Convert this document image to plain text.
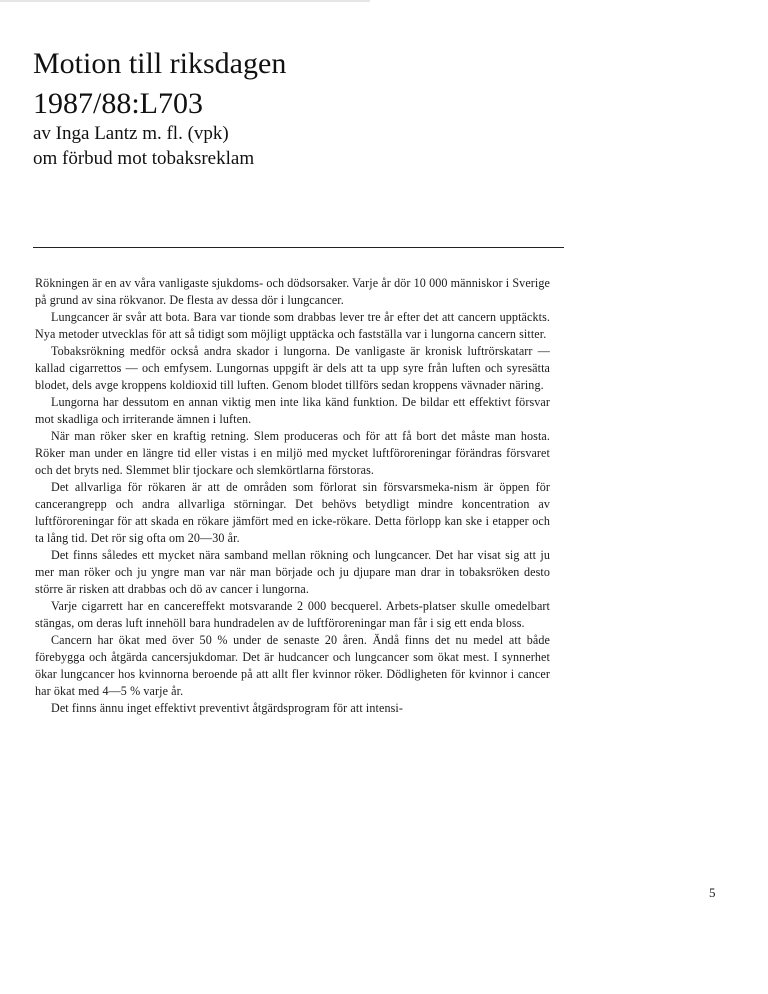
Motion till riksdagen
1987/88:L703
av Inga Lantz m. fl. (vpk)
om förbud mot tobaksreklam

Rökningen är en av våra vanligaste sjukdoms- och dödsorsaker. Varje år dör 10 000 människor i Sverige på grund av sina rökvanor. De flesta av dessa dör i lungcancer.

Lungcancer är svår att bota. Bara var tionde som drabbas lever tre år efter det att cancern upptäckts. Nya metoder utvecklas för att så tidigt som möjligt upptäcka och fastställa var i lungorna cancern sitter.

Tobaksrökning medför också andra skador i lungorna. De vanligaste är kronisk luftrörskatarr — kallad cigarrettos — och emfysem. Lungornas uppgift är dels att ta upp syre från luften och syresätta blodet, dels avge kroppens koldioxid till luften. Genom blodet tillförs sedan kroppens vävnader näring.

Lungorna har dessutom en annan viktig men inte lika känd funktion. De bildar ett effektivt försvar mot skadliga och irriterande ämnen i luften.

När man röker sker en kraftig retning. Slem produceras och för att få bort det måste man hosta. Röker man under en längre tid eller vistas i en miljö med mycket luftföroreningar förändras försvaret och det bryts ned. Slemmet blir tjockare och slemkörtlarna förstoras.

Det allvarliga för rökaren är att de områden som förlorat sin försvarsmeka-nism är öppen för cancerangrepp och andra allvarliga störningar. Det behövs betydligt mindre koncentration av luftföroreningar för att skada en rökare jämfört med en icke-rökare. Detta förlopp kan ske i etapper och ta lång tid. Det rör sig ofta om 20—30 år.

Det finns således ett mycket nära samband mellan rökning och lungcancer. Det har visat sig att ju mer man röker och ju yngre man var när man började och ju djupare man drar in tobaksröken desto större är risken att drabbas och dö av cancer i lungorna.

Varje cigarrett har en cancereffekt motsvarande 2 000 becquerel. Arbets-platser skulle omedelbart stängas, om deras luft innehöll bara hundradelen av de luftföroreningar man får i sig ett enda bloss.

Cancern har ökat med över 50 % under de senaste 20 åren. Ändå finns det nu medel att både förebygga och åtgärda cancersjukdomar. Det är hudcancer och lungcancer som ökat mest. I synnerhet ökar lungcancer hos kvinnorna beroende på att allt fler kvinnor röker. Dödligheten för kvinnor i cancer har ökat med 4—5 % varje år.

Det finns ännu inget effektivt preventivt åtgärdsprogram för att intensi-

5
